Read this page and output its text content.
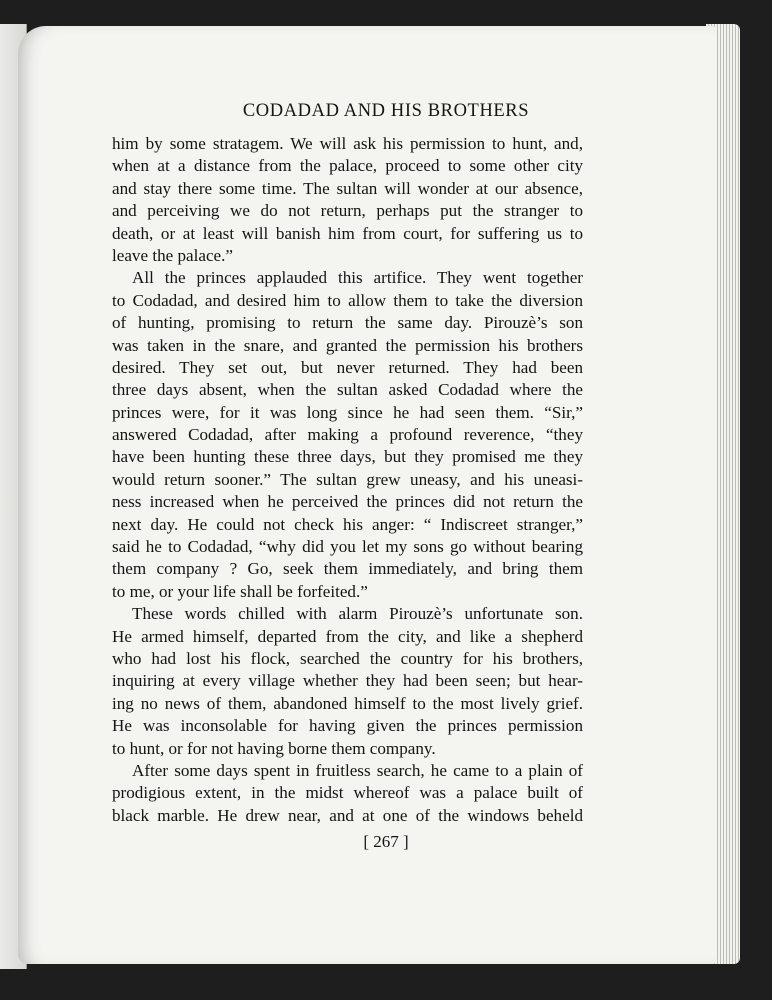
CODADAD AND HIS BROTHERS
him by some stratagem. We will ask his permission to hunt, and,
when at a distance from the palace, proceed to some other city
and stay there some time. The sultan will wonder at our absence,
and perceiving we do not return, perhaps put the stranger to
death, or at least will banish him from court, for suffering us to
leave the palace.”
All the princes applauded this artifice. They went together
to Codadad, and desired him to allow them to take the diversion
of hunting, promising to return the same day. Pirouzè’s son
was taken in the snare, and granted the permission his brothers
desired. They set out, but never returned. They had been
three days absent, when the sultan asked Codadad where the
princes were, for it was long since he had seen them. “Sir,”
answered Codadad, after making a profound reverence, “they
have been hunting these three days, but they promised me they
would return sooner.” The sultan grew uneasy, and his uneasi-
ness increased when he perceived the princes did not return the
next day. He could not check his anger: “ Indiscreet stranger,”
said he to Codadad, “why did you let my sons go without bearing
them company ? Go, seek them immediately, and bring them
to me, or your life shall be forfeited.”
These words chilled with alarm Pirouzè’s unfortunate son.
He armed himself, departed from the city, and like a shepherd
who had lost his flock, searched the country for his brothers,
inquiring at every village whether they had been seen; but hear-
ing no news of them, abandoned himself to the most lively grief.
He was inconsolable for having given the princes permission
to hunt, or for not having borne them company.
After some days spent in fruitless search, he came to a plain of
prodigious extent, in the midst whereof was a palace built of
black marble. He drew near, and at one of the windows beheld
[ 267 ]
